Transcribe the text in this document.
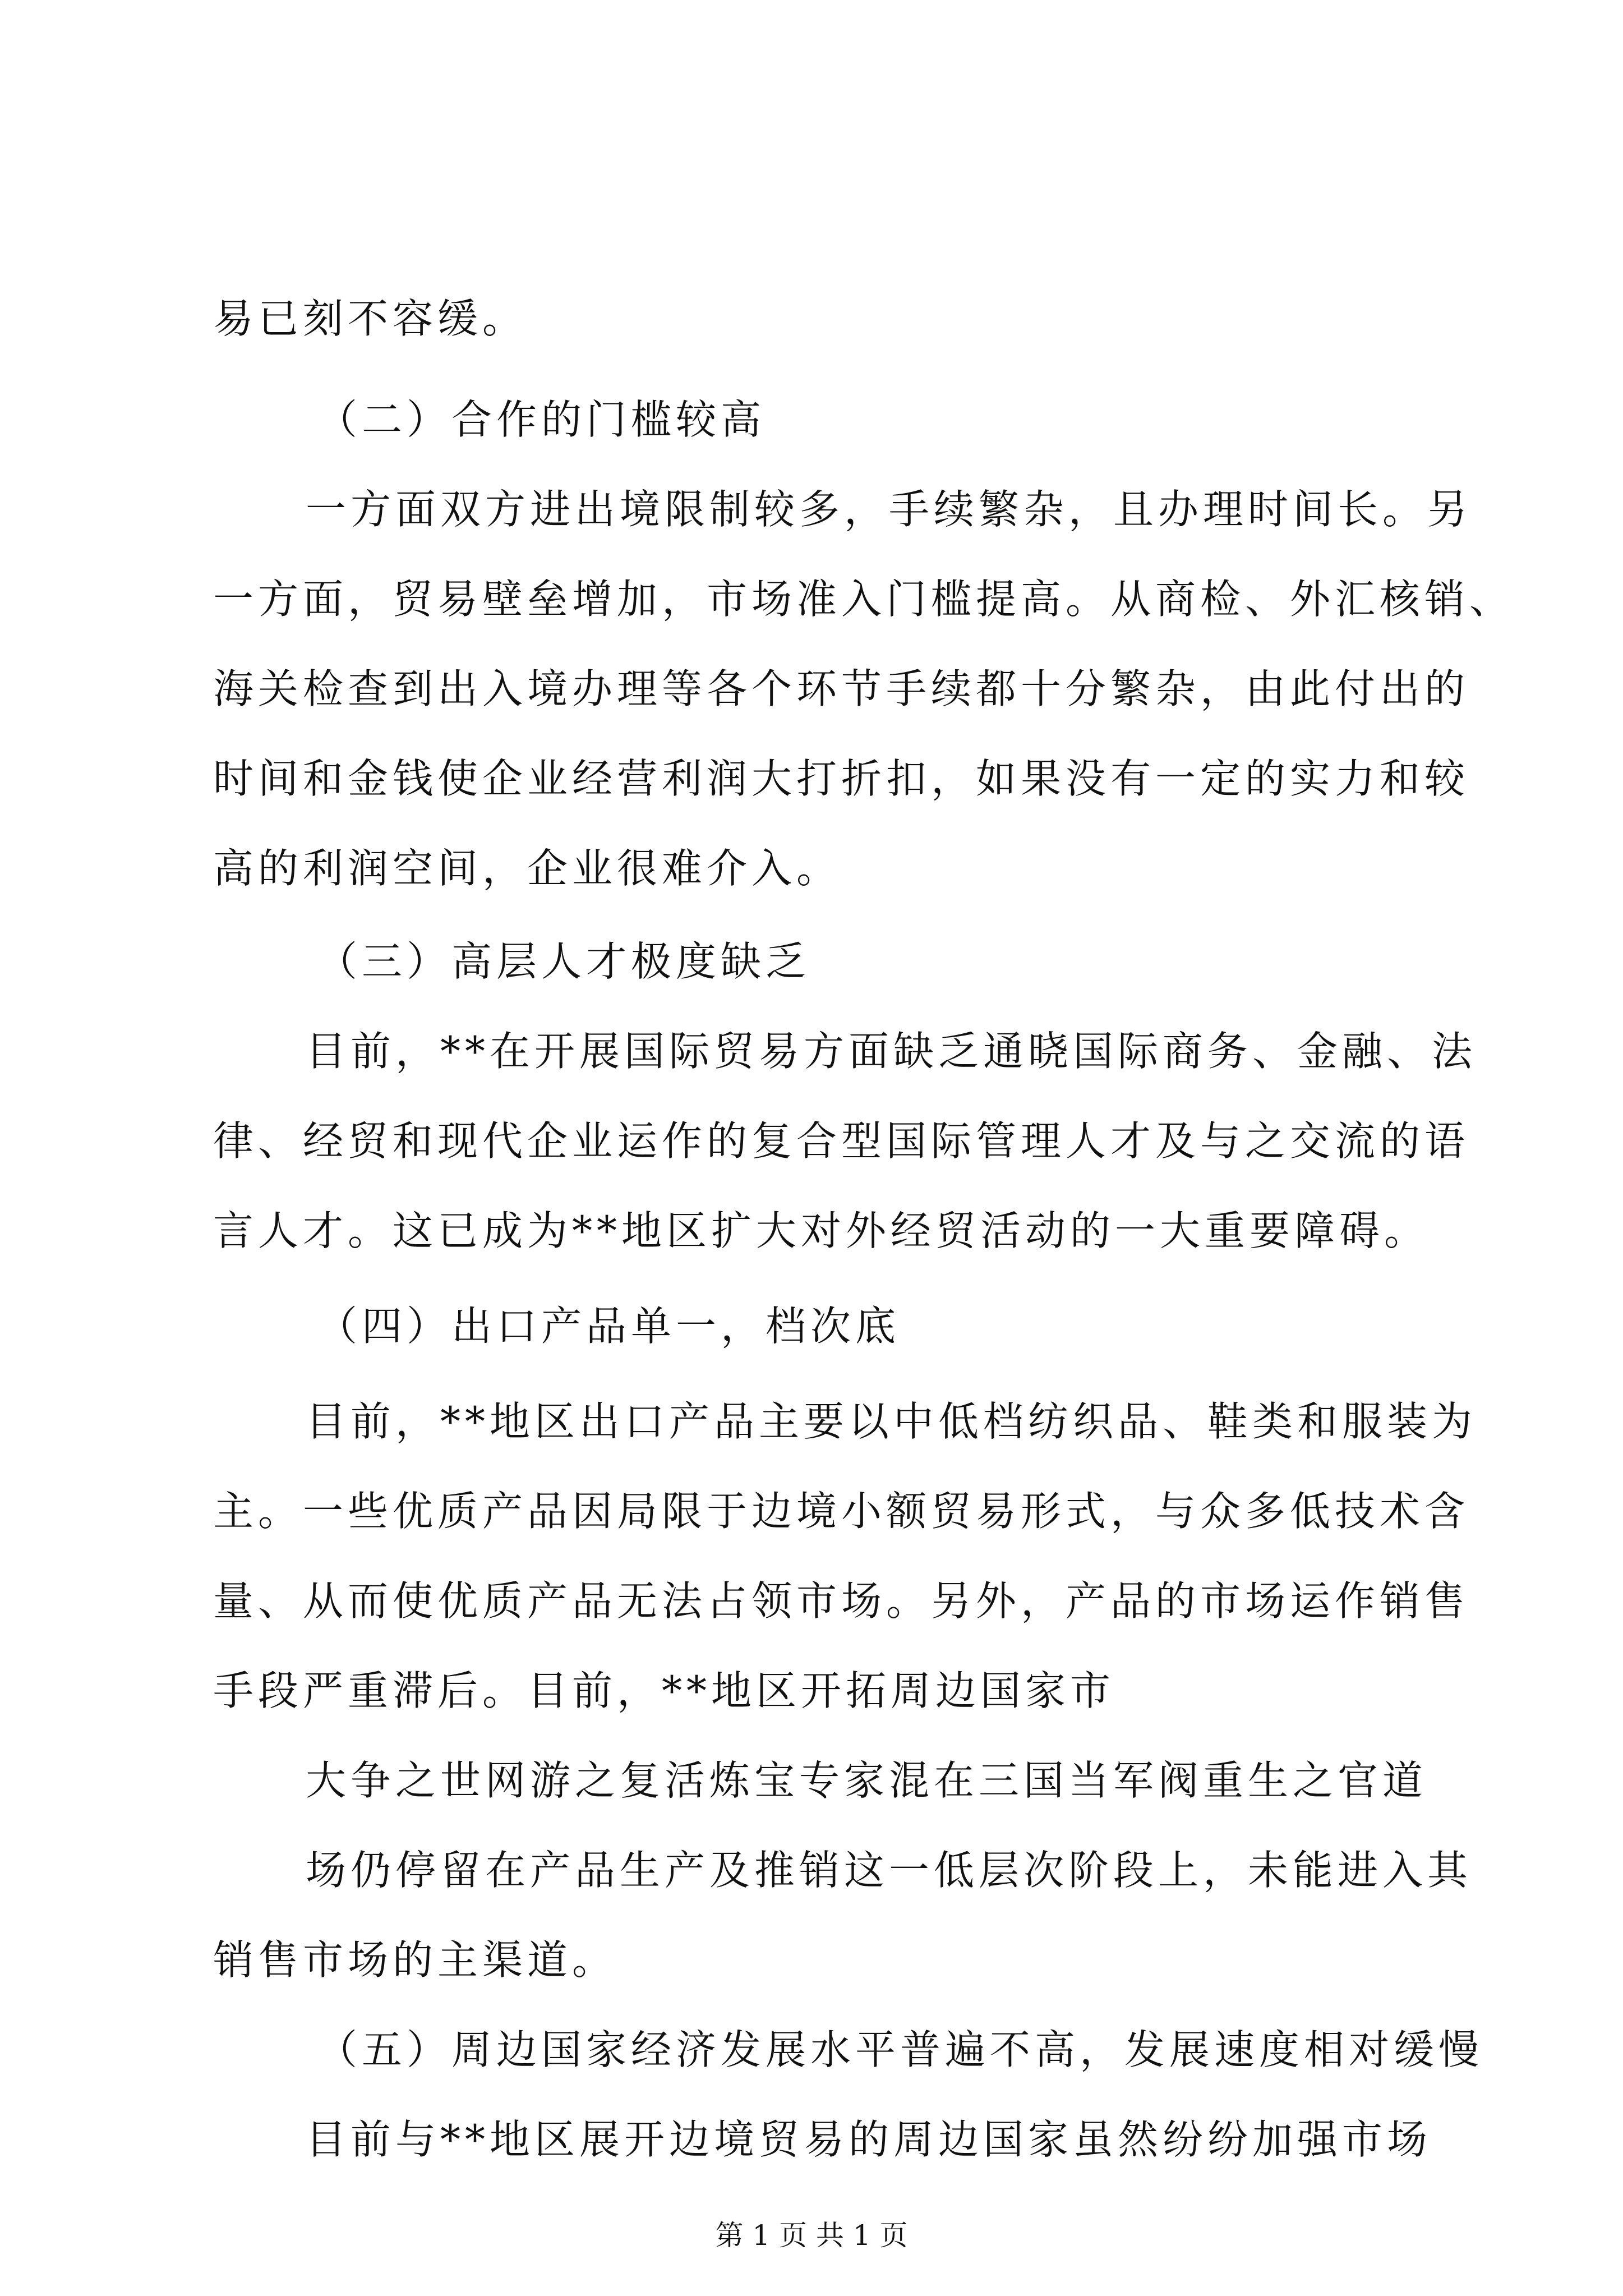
易已刻不容缓。
（二）合作的门槛较高
一方面双方进出境限制较多，手续繁杂，且办理时间长。另
一方面，贸易壁垒增加，市场准入门槛提高。从商检、外汇核销、
海关检查到出入境办理等各个环节手续都十分繁杂，由此付出的
时间和金钱使企业经营利润大打折扣，如果没有一定的实力和较
高的利润空间，企业很难介入。
（三）高层人才极度缺乏
目前，**在开展国际贸易方面缺乏通晓国际商务、金融、法
律、经贸和现代企业运作的复合型国际管理人才及与之交流的语
言人才。这已成为**地区扩大对外经贸活动的一大重要障碍。
（四）出口产品单一，档次底
目前，**地区出口产品主要以中低档纺织品、鞋类和服装为
主。一些优质产品因局限于边境小额贸易形式，与众多低技术含
量、从而使优质产品无法占领市场。另外，产品的市场运作销售
手段严重滞后。目前，**地区开拓周边国家市
大争之世网游之复活炼宝专家混在三国当军阀重生之官道
场仍停留在产品生产及推销这一低层次阶段上，未能进入其
销售市场的主渠道。
（五）周边国家经济发展水平普遍不高，发展速度相对缓慢
目前与**地区展开边境贸易的周边国家虽然纷纷加强市场
第 1 页 共 1 页
